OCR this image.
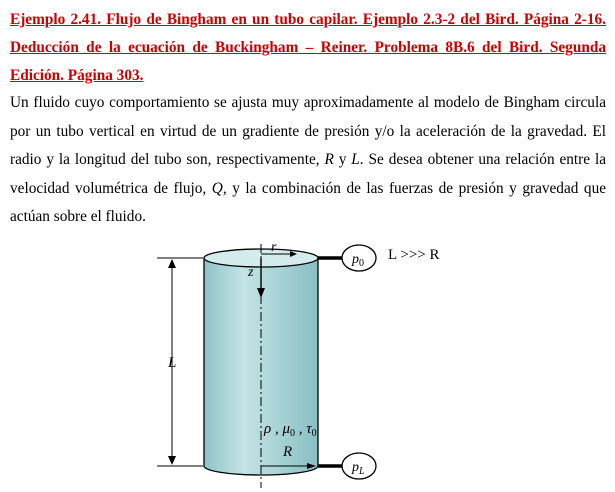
Ejemplo 2.41. Flujo de Bingham en un tubo capilar. Ejemplo 2.3-2 del Bird. Página 2-16. Deducción de la ecuación de Buckingham – Reiner. Problema 8B.6 del Bird. Segunda Edición. Página 303.

Un fluido cuyo comportamiento se ajusta muy aproximadamente al modelo de Bingham circula por un tubo vertical en virtud de un gradiente de presión y/o la aceleración de la gravedad. El radio y la longitud del tubo son, respectivamente, R y L. Se desea obtener una relación entre la velocidad volumétrica de flujo, Q, y la combinación de las fuerzas de presión y gravedad que actúan sobre el fluido.

r
z
L
$p_0$
L >>> R
$p_L$
ρ , $\mu_0$ , $\tau_0$
R
